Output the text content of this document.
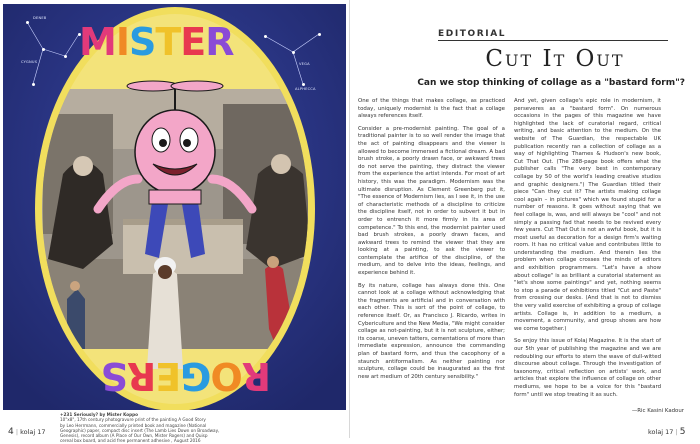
DENEB
CYGNUS	VEGA
ALPHECCA
MISTER
ROGERS
+231 Seriously? by Mister Koppo
10"x8", 17th century photogravure print of the painting A Good Story
by Leo Herrmann, commercially printed book and magazine (National
Geographic) paper, compact disc insert (The Lamb Lies Down on Broadway,
Genesis), record album (A Place of Our Own, Mister Rogers) and Quisp
cereal box board, and acid free permanent adhesive , August 2016
4 | kolaj 17
EDITORIAL
Cut It Out
Can we stop thinking of collage as a "bastard form"?

One of the things that makes collage, as practiced today, uniquely modernist is the fact that a collage always references itself.

Consider a pre-modernist painting. The goal of a traditional painter is to so well render the image that the act of painting disappears and the viewer is allowed to become immersed a fictional dream. A bad brush stroke, a poorly drawn face, or awkward trees do not serve the painting, they distract the viewer from the experience the artist intends. For most of art history, this was the paradigm. Modernism was the ultimate disruption. As Clement Greenberg put it, "The essence of Modernism lies, as I see it, in the use of characteristic methods of a discipline to criticize the discipline itself, not in order to subvert it but in order to entrench it more firmly in its area of competence." To this end, the modernist painter used bad brush strokes, a poorly drawn faces, and awkward trees to remind the viewer that they are looking at a painting, to ask the viewer to contemplate the artifice of the discipline, of the medium, and to delve into the ideas, feelings, and experience behind it.

By its nature, collage has always done this. One cannot look at a collage without acknowledging that the fragments are artificial and in conversation with each other. This is sort of the point of collage, to reference itself. Or, as Francisco J. Ricardo, writes in Cybericulture and the New Media, "We might consider collage as not-painting, but it is not sculpture, either; its coarse, uneven tatters, cementations of more than immediate expression, announce the commanding plan of bastard form, and thus the cacophony of a staunch antiformalism. As neither painting nor sculpture, collage could be inaugurated as the first new art medium of 20th century sensibility."

And yet, given collage's epic role in modernism, it perseveres as a "bastard form". On numerous occasions in the pages of this magazine we have highlighted the lack of curatorial regard, critical writing, and basic attention to the medium. On the website of The Guardian, the respectable UK publication recently ran a collection of collage as a way of highlighting Thames & Hudson's new book, Cut That Out. (The 288-page book offers what the publisher calls "The very best in contemporary collage by 50 of the world's leading creative studios and graphic designers.") The Guardian titled their piece "Can they cut it? The artists making collage cool again – in pictures" which we found stupid for a number of reasons. It goes without saying that we feel collage is, was, and will always be "cool" and not simply a passing fad that needs to be revived every few years. Cut That Out is not an awful book, but it is most useful as decoration for a design firm's waiting room. It has no critical value and contributes little to understanding the medium. And therein lies the problem when collage crosses the minds of editors and exhibition programmers. "Let's have a show about collage" is as brilliant a curatorial statement as "let's show some paintings" and yet, nothing seems to stop a parade of exhibitions titled "Cut and Paste" from crossing our desks. (And that is not to dismiss the very valid exercise of exhibiting a group of collage artists. Collage is, in addition to a medium, a movement, a community, and group shows are how we come together.)

So enjoy this issue of Kolaj Magazine. It is the start of our 5th year of publishing the magazine and we are redoubling our efforts to stem the wave of dull-witted discourse about collage. Through the investigation of taxonomy, critical reflection on artists' work, and articles that explore the influence of collage on other mediums, we hope to be a voice for this "bastard form" until we stop treating it as such.

—Ric Kasini Kadour
kolaj 17 | 5
